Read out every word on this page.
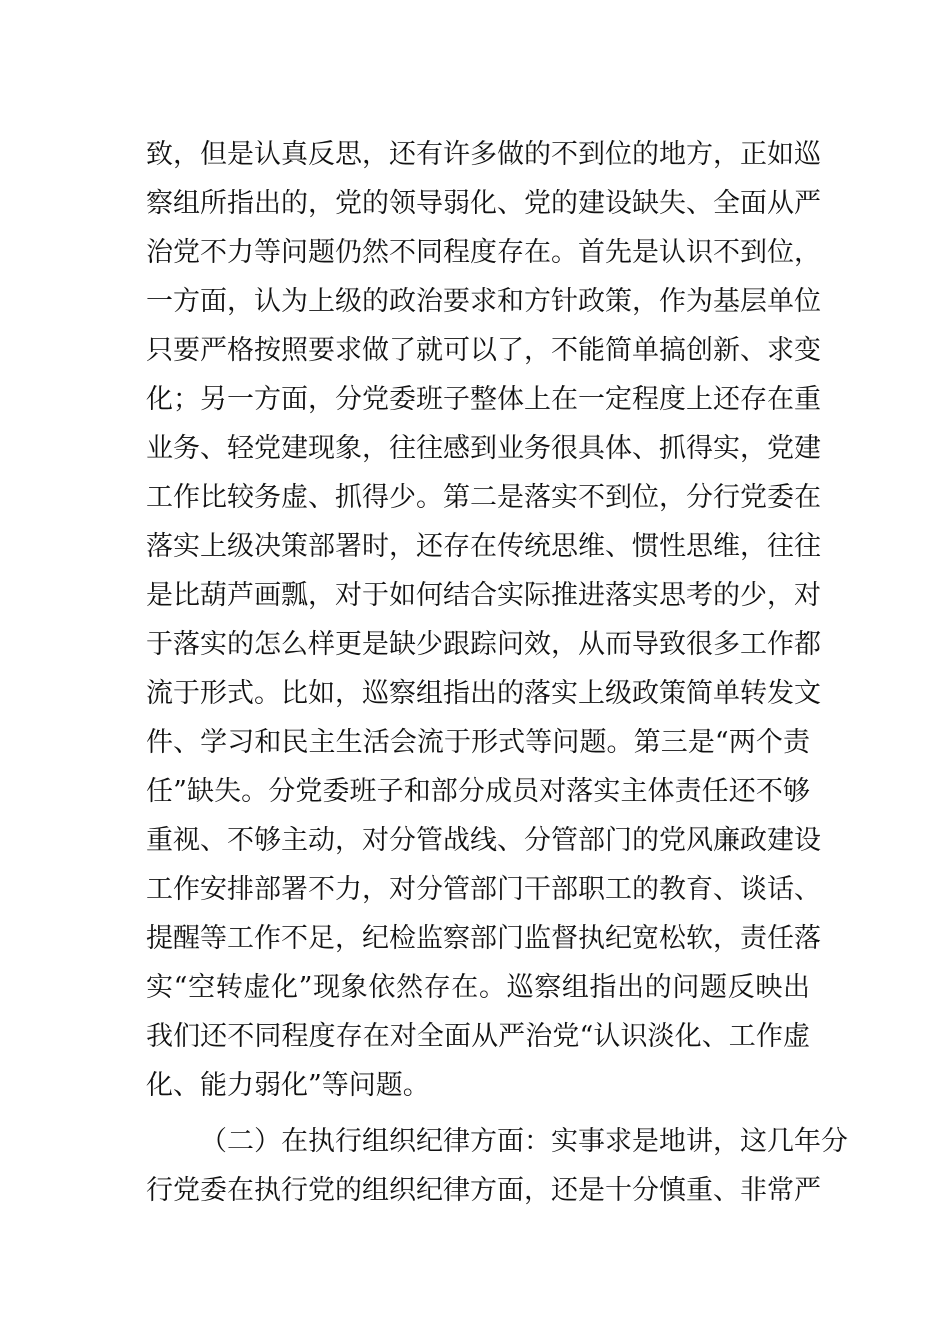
致，但是认真反思，还有许多做的不到位的地方，正如巡
察组所指出的，党的领导弱化、党的建设缺失、全面从严
治党不力等问题仍然不同程度存在。首先是认识不到位，
一方面，认为上级的政治要求和方针政策，作为基层单位
只要严格按照要求做了就可以了，不能简单搞创新、求变
化；另一方面，分党委班子整体上在一定程度上还存在重
业务、轻党建现象，往往感到业务很具体、抓得实，党建
工作比较务虚、抓得少。第二是落实不到位，分行党委在
落实上级决策部署时，还存在传统思维、惯性思维，往往
是比葫芦画瓢，对于如何结合实际推进落实思考的少，对
于落实的怎么样更是缺少跟踪问效，从而导致很多工作都
流于形式。比如，巡察组指出的落实上级政策简单转发文
件、学习和民主生活会流于形式等问题。第三是“两个责
任”缺失。分党委班子和部分成员对落实主体责任还不够
重视、不够主动，对分管战线、分管部门的党风廉政建设
工作安排部署不力，对分管部门干部职工的教育、谈话、
提醒等工作不足，纪检监察部门监督执纪宽松软，责任落
实“空转虚化”现象依然存在。巡察组指出的问题反映出
我们还不同程度存在对全面从严治党“认识淡化、工作虚
化、能力弱化”等问题。
（二）在执行组织纪律方面：实事求是地讲，这几年分
行党委在执行党的组织纪律方面，还是十分慎重、非常严
